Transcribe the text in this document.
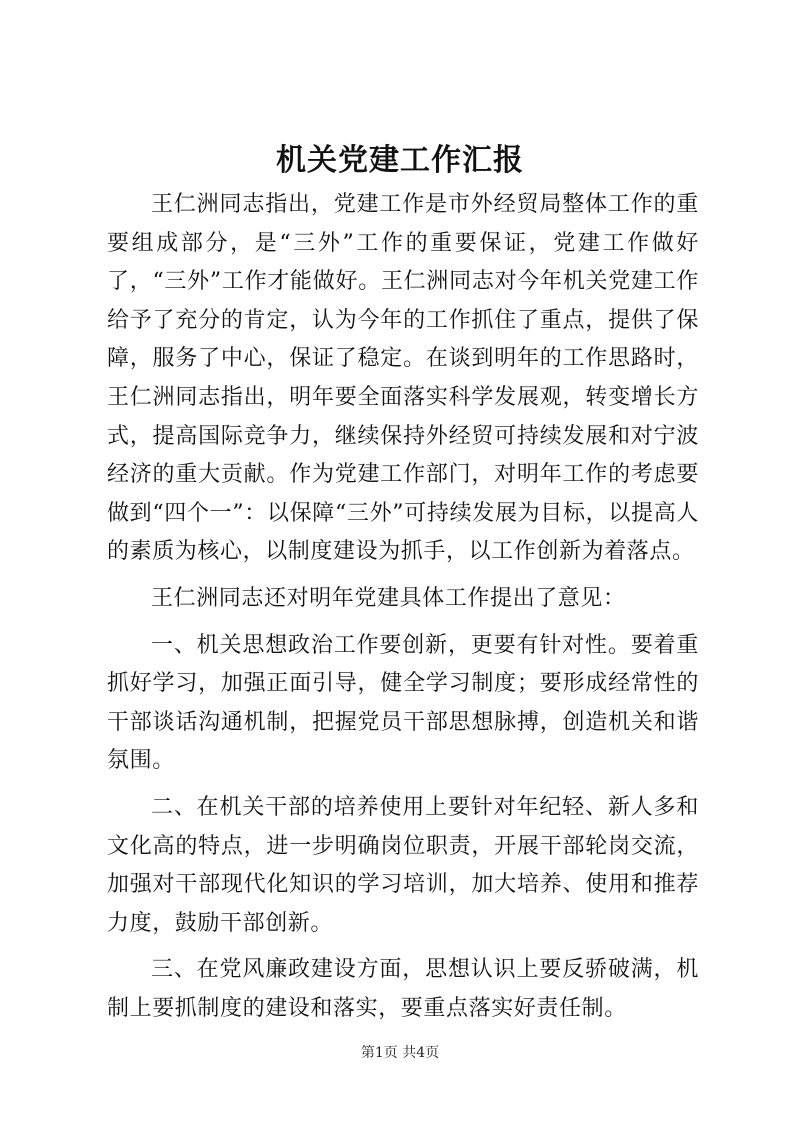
机关党建工作汇报

王仁洲同志指出，党建工作是市外经贸局整体工作的重要组成部分，是“三外”工作的重要保证，党建工作做好了，“三外”工作才能做好。王仁洲同志对今年机关党建工作给予了充分的肯定，认为今年的工作抓住了重点，提供了保障，服务了中心，保证了稳定。在谈到明年的工作思路时，王仁洲同志指出，明年要全面落实科学发展观，转变增长方式，提高国际竞争力，继续保持外经贸可持续发展和对宁波经济的重大贡献。作为党建工作部门，对明年工作的考虑要做到“四个一”：以保障“三外”可持续发展为目标，以提高人的素质为核心，以制度建设为抓手，以工作创新为着落点。

王仁洲同志还对明年党建具体工作提出了意见：

一、机关思想政治工作要创新，更要有针对性。要着重抓好学习，加强正面引导，健全学习制度；要形成经常性的干部谈话沟通机制，把握党员干部思想脉搏，创造机关和谐氛围。

二、在机关干部的培养使用上要针对年纪轻、新人多和文化高的特点，进一步明确岗位职责，开展干部轮岗交流，加强对干部现代化知识的学习培训，加大培养、使用和推荐力度，鼓励干部创新。

三、在党风廉政建设方面，思想认识上要反骄破满，机制上要抓制度的建设和落实，要重点落实好责任制。

第1页 共4页
